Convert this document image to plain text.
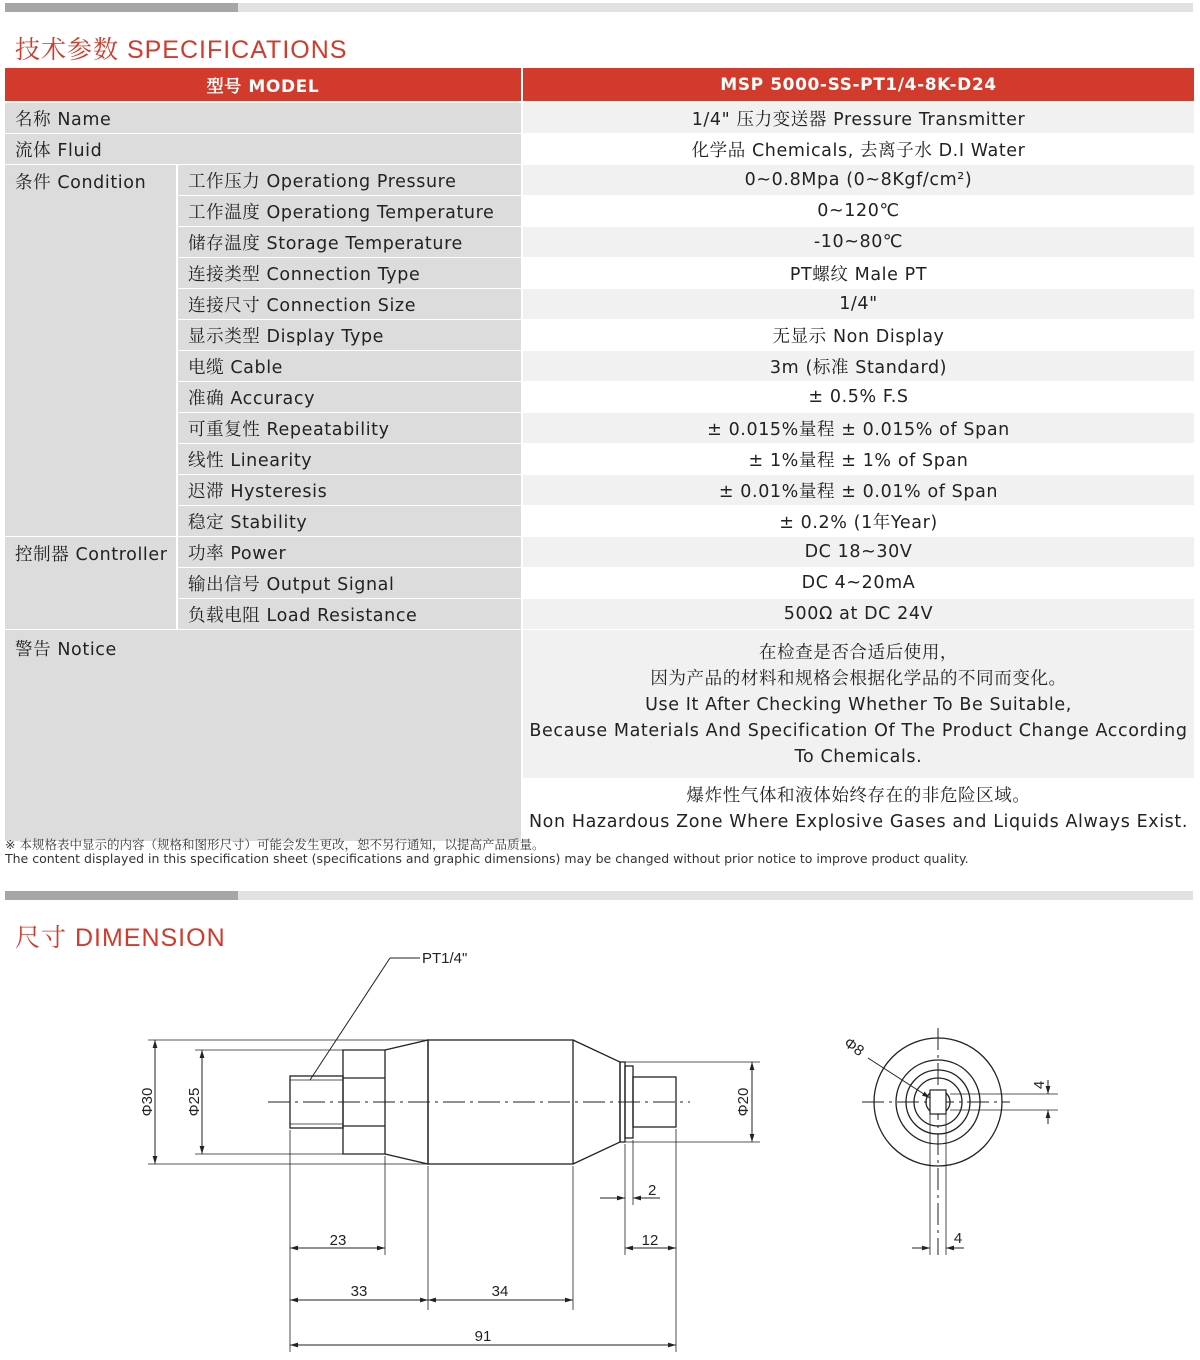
技术参数 SPECIFICATIONS
型号 MODEL		MSP 5000-SS-PT1/4-8K-D24
名称 Name		1/4" 压力变送器 Pressure Transmitter
流体 Fluid		化学品 Chemicals, 去离子水 D.I Water
条件 Condition	工作压力 Operationg Pressure	0~0.8Mpa (0~8Kgf/cm²)
	工作温度 Operationg Temperature	0~120℃
	储存温度 Storage Temperature	-10~80℃
	连接类型 Connection Type	PT螺纹 Male PT
	连接尺寸 Connection Size	1/4"
	显示类型 Display Type	无显示 Non Display
	电缆 Cable	3m (标准 Standard)
	准确 Accuracy	± 0.5% F.S
	可重复性 Repeatability	± 0.015%量程 ± 0.015% of Span
	线性 Linearity	± 1%量程 ± 1% of Span
	迟滞 Hysteresis	± 0.01%量程 ± 0.01% of Span
	稳定 Stability	± 0.2% (1年Year)
控制器 Controller	功率 Power	DC 18~30V
	输出信号 Output Signal	DC 4~20mA
	负载电阻 Load Resistance	500Ω at DC 24V
警告 Notice		在检查是否合适后使用，
因为产品的材料和规格会根据化学品的不同而变化。
Use It After Checking Whether To Be Suitable,
Because Materials And Specification Of The Product Change According
To Chemicals.

		爆炸性气体和液体始终存在的非危险区域。
Non Hazardous Zone Where Explosive Gases and Liquids Always Exist.
※ 本规格表中显示的内容（规格和图形尺寸）可能会发生更改，恕不另行通知，以提高产品质量。
The content displayed in this specification sheet (specifications and graphic dimensions) may be changed without prior notice to improve product quality.
尺寸 DIMENSION
PT1/4"
Φ30 Φ25	Φ20
Φ8
23
33	34
91
2
12
4
4
